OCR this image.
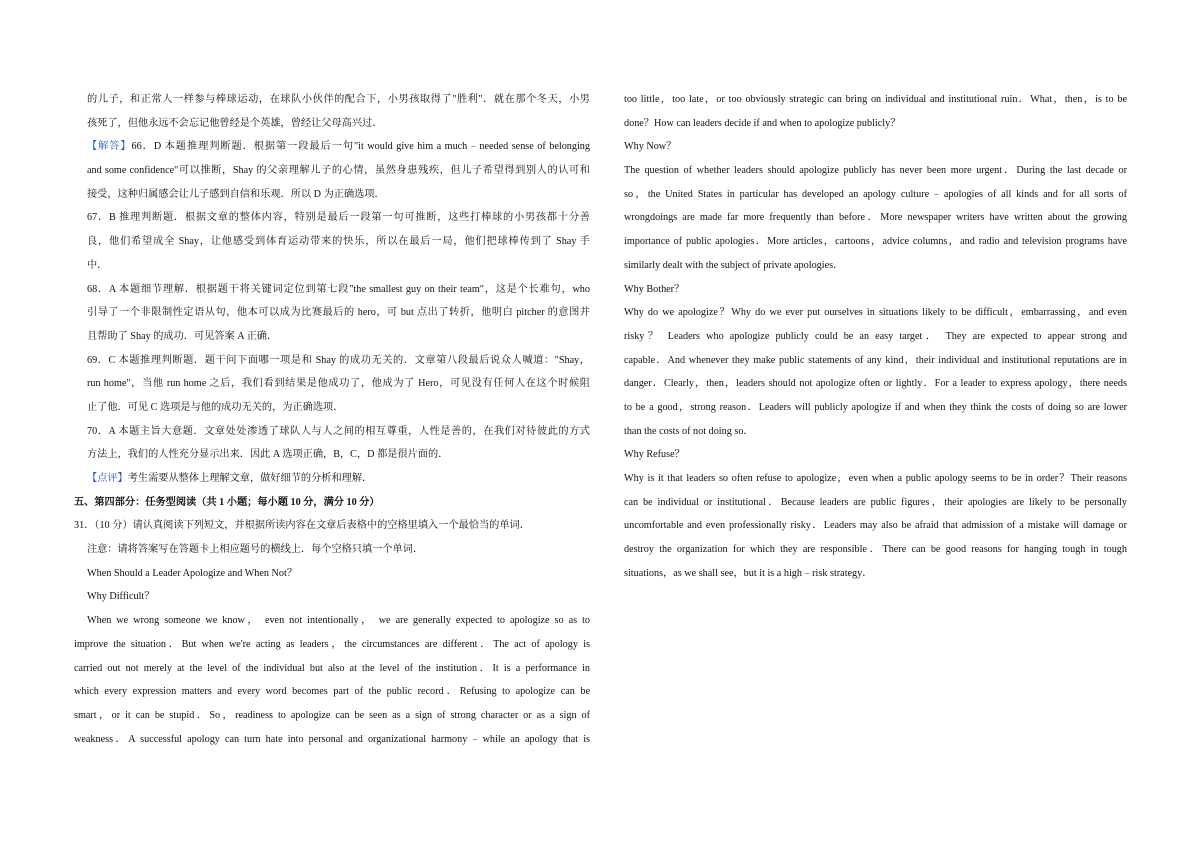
的儿子，和正常人一样参与棒球运动，在球队小伙伴的配合下，小男孩取得了"胜利"．就在那个冬天，小男
孩死了，但他永远不会忘记他曾经是个英雄，曾经让父母高兴过．
【解答】66．D 本题推理判断题．根据第一段最后一句"it would give him a much﹣needed sense of belonging
and some confidence"可以推断，Shay 的父亲理解儿子的心情，虽然身患残疾，但儿子希望得到别人的认可和
接受，这种归属感会让儿子感到自信和乐观．所以 D 为正确选项．
67．B 推理判断题．根据文章的整体内容，特别是最后一段第一句可推断，这些打棒球的小男孩都十分善
良，他们希望成全 Shay，让他感受到体育运动带来的快乐，所以在最后一局，他们把球棒传到了 Shay 手
中．
68．A 本题细节理解．根据题干将关键词定位到第七段"the smallest guy on their team"，这是个长难句，who
引导了一个非限制性定语从句，他本可以成为比赛最后的 hero，可 but 点出了转折，他明白 pitcher 的意图并
且帮助了 Shay 的成功．可见答案 A 正确．
69．C 本题推理判断题．题干问下面哪一项是和 Shay 的成功无关的．文章第八段最后说众人喊道："Shay，
run home"，当他 run home 之后，我们看到结果是他成功了，他成为了 Hero，可见没有任何人在这个时候阻
止了他．可见 C 选项是与他的成功无关的，为正确选项．
70．A 本题主旨大意题．文章处处渗透了球队人与人之间的相互尊重，人性是善的，在我们对待彼此的方式
方法上，我们的人性充分显示出来．因此 A 选项正确，B，C，D 都是很片面的．
【点评】考生需要从整体上理解文章，做好细节的分析和理解．
五、第四部分：任务型阅读（共 1 小题；每小题 10 分，满分 10 分）
31．（10 分）请认真阅读下列短文，并根据所读内容在文章后表格中的空格里填入一个最恰当的单词．
注意：请将答案写在答题卡上相应题号的横线上．每个空格只填一个单词．
When Should a Leader Apologize and When Not？
Why Difficult？
When we wrong someone we know， even not intentionally， we are generally expected to apologize so as to
improve the situation．But when we're acting as leaders，the circumstances are different．The act of apology is
carried out not merely at the level of the individual but also at the level of the institution．It is a performance in
which every expression matters and every word becomes part of the public record．Refusing to apologize can be
smart，or it can be stupid．So，readiness to apologize can be seen as a sign of strong character or as a sign of
weakness．A successful apology can turn hate into personal and organizational harmony﹣while an apology that is
too little，too late，or too obviously strategic can bring on individual and institutional ruin．What，then，is to be
done？How can leaders decide if and when to apologize publicly？
Why Now？
The question of whether leaders should apologize publicly has never been more urgent．During the last decade or
so，the United States in particular has developed an apology culture﹣apologies of all kinds and for all sorts of
wrongdoings are made far more frequently than before．More newspaper writers have written about the growing
importance of public apologies．More articles，cartoons，advice columns，and radio and television programs have
similarly dealt with the subject of private apologies．
Why Bother？
Why do we apologize？Why do we ever put ourselves in situations likely to be difficult，embarrassing，and even
risky？ Leaders who apologize publicly could be an easy target． They are expected to appear strong and
capable．And whenever they make public statements of any kind，their individual and institutional reputations are in
danger．Clearly，then，leaders should not apologize often or lightly．For a leader to express apology，there needs
to be a good，strong reason．Leaders will publicly apologize if and when they think the costs of doing so are lower
than the costs of not doing so．
Why Refuse？
Why is it that leaders so often refuse to apologize，even when a public apology seems to be in order？Their reasons
can be individual or institutional．Because leaders are public figures，their apologies are likely to be personally
uncomfortable and even professionally risky．Leaders may also be afraid that admission of a mistake will damage or
destroy the organization for which they are responsible．There can be good reasons for hanging tough in tough
situations，as we shall see，but it is a high﹣risk strategy．
